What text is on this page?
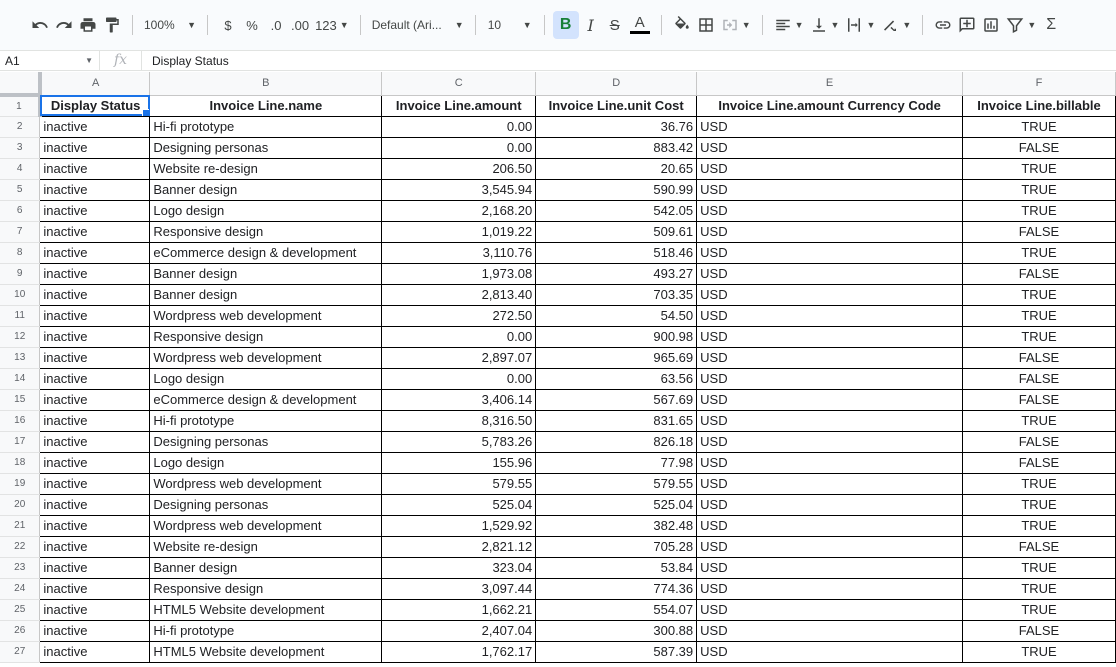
100% ▼	$	% .0 .00 123 ▼ Default (Ari... ▼ 10 ▼	B	I	S A	▼	▼	▼	▼	▼	▼ Σ
A1	▼	fx	Display Status
	A	B	C	D	E	F
1	Display Status	Invoice Line.name	Invoice Line.amount	Invoice Line.unit Cost	Invoice Line.amount Currency Code	Invoice Line.billable
2	inactive	Hi-fi prototype	0.00	36.76	USD	TRUE
3	inactive	Designing personas	0.00	883.42	USD	FALSE
4	inactive	Website re-design	206.50	20.65	USD	TRUE
5	inactive	Banner design	3,545.94	590.99	USD	TRUE
6	inactive	Logo design	2,168.20	542.05	USD	TRUE
7	inactive	Responsive design	1,019.22	509.61	USD	FALSE
8	inactive	eCommerce design & development	3,110.76	518.46	USD	TRUE
9	inactive	Banner design	1,973.08	493.27	USD	FALSE
10	inactive	Banner design	2,813.40	703.35	USD	TRUE
11	inactive	Wordpress web development	272.50	54.50	USD	TRUE
12	inactive	Responsive design	0.00	900.98	USD	TRUE
13	inactive	Wordpress web development	2,897.07	965.69	USD	FALSE
14	inactive	Logo design	0.00	63.56	USD	FALSE
15	inactive	eCommerce design & development	3,406.14	567.69	USD	FALSE
16	inactive	Hi-fi prototype	8,316.50	831.65	USD	TRUE
17	inactive	Designing personas	5,783.26	826.18	USD	FALSE
18	inactive	Logo design	155.96	77.98	USD	FALSE
19	inactive	Wordpress web development	579.55	579.55	USD	TRUE
20	inactive	Designing personas	525.04	525.04	USD	TRUE
21	inactive	Wordpress web development	1,529.92	382.48	USD	TRUE
22	inactive	Website re-design	2,821.12	705.28	USD	FALSE
23	inactive	Banner design	323.04	53.84	USD	TRUE
24	inactive	Responsive design	3,097.44	774.36	USD	TRUE
25	inactive	HTML5 Website development	1,662.21	554.07	USD	TRUE
26	inactive	Hi-fi prototype	2,407.04	300.88	USD	FALSE
27	inactive	HTML5 Website development	1,762.17	587.39	USD	TRUE
